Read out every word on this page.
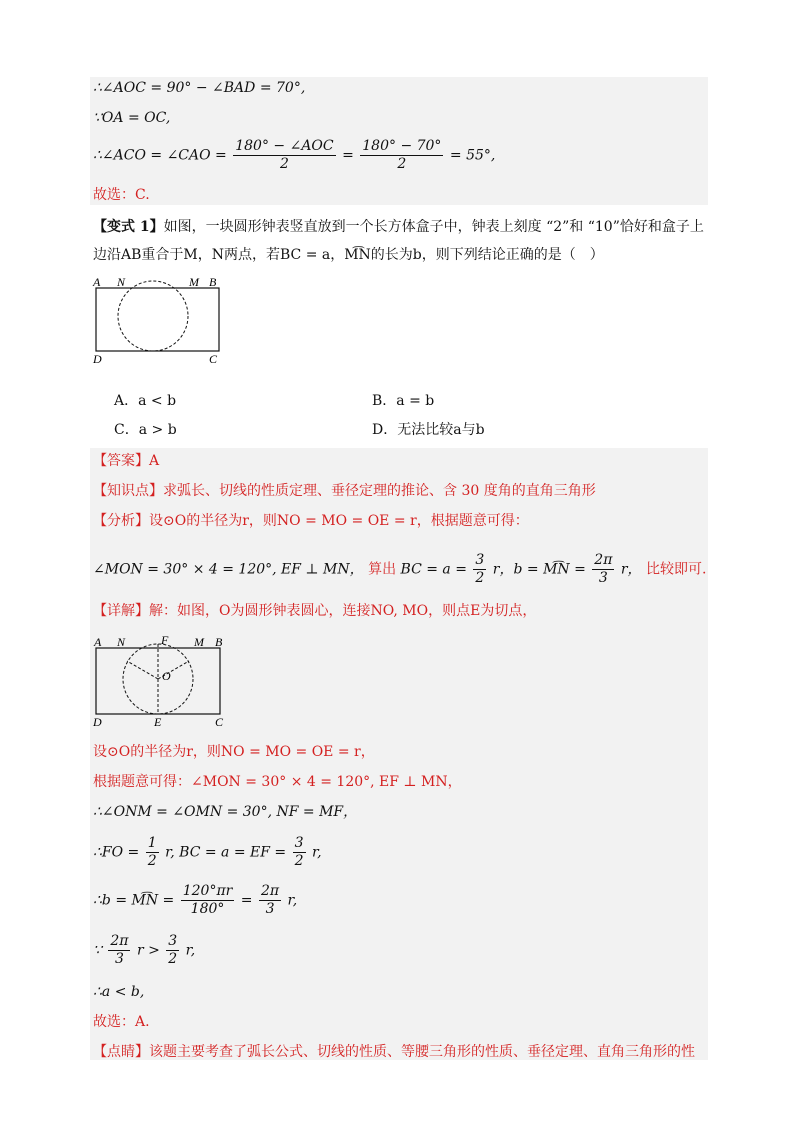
∴∠AOC = 90° − ∠BAD = 70°,
∵OA = OC,
∴∠ACO = ∠CAO =
180° − ∠AOC
2
= $\frac{180^\circ - 70^\circ}{2} = 55^\circ$,
故选：C.
【变式 1】如图，一块圆形钟表竖直放到一个长方体盒子中，钟表上刻度 “2”和 “10”恰好和盒子上
边沿AB重合于M，N两点，若BC = a，M͡N的长为b，则下列结论正确的是（　）
A N	M B
D	C
A．a < b	B．a = b
C．a > b	D．无法比较a与b
【答案】A
【知识点】求弧长、切线的性质定理、垂径定理的推论、含 30 度角的直角三角形
【分析】设⊙O的半径为r，则NO = MO = OE = r，根据题意可得：
∠MON = 30° × 4 = 120°, EF ⊥ MN， 算出 BC = $a = \frac{3}{2}$ r，b = M͡N = $\frac{2\pi}{3}$ r， 比较即可.
【详解】解：如图，O为圆形钟表圆心，连接NO, MO，则点E为切点，
A N	F M B
O
D	E	C
设⊙O的半径为r，则NO = MO = OE = r，
根据题意可得：∠MON = 30° × 4 = 120°, EF ⊥ MN，
∴∠ONM = ∠OMN = 30°, NF = MF，
∴FO = $\frac{1}{2} r$, BC = a = EF = $\frac{3}{2} r$,
∴b = M͡N = $\frac{120^\circ\pi r}{180^\circ} = \frac{2\pi}{3} r$,
∵ $\frac{2\pi}{3}$ $r > \frac{3}{2} r$,
∴a < b,
故选：A.
【点睛】该题主要考查了弧长公式、切线的性质、等腰三角形的性质、垂径定理、直角三角形的性
